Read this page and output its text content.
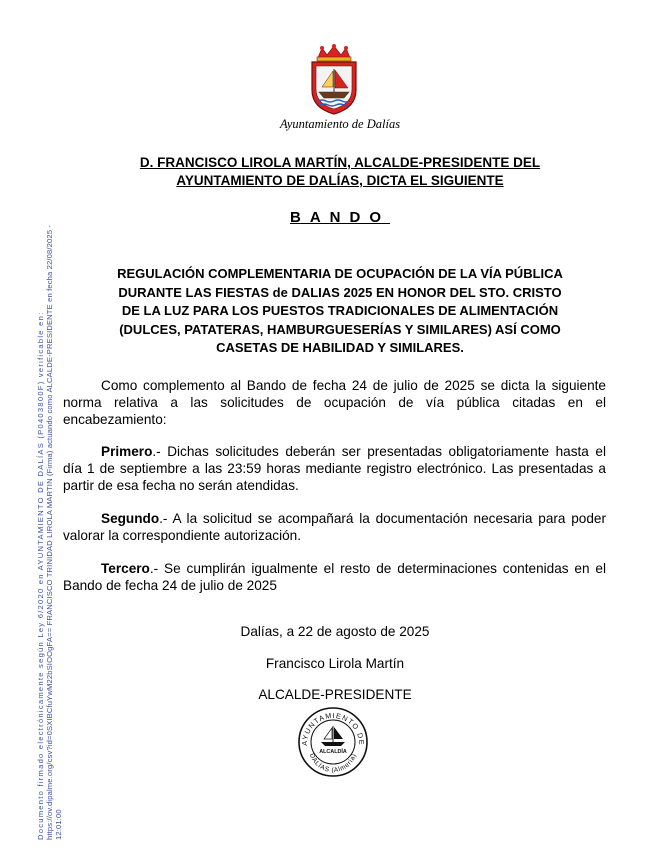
Documento firmado electrónicamente según Ley 6/2020 en AYUNTAMIENTO DE DALÍAS (P0403800F) verificable en: https://ov.dipalme.org/csv?id=0SXIBCfuYwM22bSIOOgFA== FRANCISCO TRINIDAD LIROLA MARTIN (Firma) actuando como ALCALDE-PRESIDENTE en fecha 22/08/2025 - 12:01:00
Ayuntamiento de Dalías
D. FRANCISCO LIROLA MARTÍN, ALCALDE-PRESIDENTE DEL
AYUNTAMIENTO DE DALÍAS, DICTA EL SIGUIENTE
BANDO
REGULACIÓN COMPLEMENTARIA DE OCUPACIÓN DE LA VÍA PÚBLICA
DURANTE LAS FIESTAS de DALIAS 2025 EN HONOR DEL STO. CRISTO
DE LA LUZ PARA LOS PUESTOS TRADICIONALES DE ALIMENTACIÓN
(DULCES, PATATERAS, HAMBURGUESERÍAS Y SIMILARES) ASÍ COMO
CASETAS DE HABILIDAD Y SIMILARES.
Como complemento al Bando de fecha 24 de julio de 2025 se dicta la siguiente norma relativa a las solicitudes de ocupación de vía pública citadas en el encabezamiento:
Primero.- Dichas solicitudes deberán ser presentadas obligatoriamente hasta el día 1 de septiembre a las 23:59 horas mediante registro electrónico. Las presentadas a partir de esa fecha no serán atendidas.
Segundo.- A la solicitud se acompañará la documentación necesaria para poder valorar la correspondiente autorización.
Tercero.- Se cumplirán igualmente el resto de determinaciones contenidas en el Bando de fecha 24 de julio de 2025
Dalías, a 22 de agosto de 2025
Francisco Lirola Martín
ALCALDE-PRESIDENTE
AYUNTAMIENTO DE
DALÍAS (Almería)
ALCALDÍA
